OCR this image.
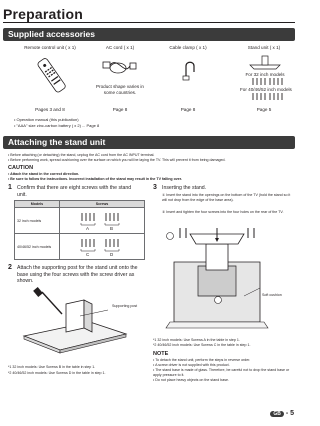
Preparation
Supplied accessories
Remote control unit ( x 1)	AC cord ( x 1)	Cable clamp ( x 1)	Stand unit ( x 1)
Product shape varies in some countries.
For 32 inch models
For 40/46/52 inch models
Pages 3 and 8	Page 8	Page 8	Page 5
• Operation manual (this publication)
• "AAA" size zinc-carbon battery ( x 2) ... Page 8
Attaching the stand unit
• Before attaching (or detaching) the stand, unplug the AC cord from the AC INPUT terminal.
• Before performing work, spread cushioning over the surface on which you will be laying the TV. This will prevent it from being damaged.
CAUTION
• Attach the stand in the correct direction.
• Be sure to follow the instructions. Incorrect installation of the stand may result in the TV falling over.
1 Confirm that there are eight screws with the stand unit.
Models	Screws
32 inch models	A B

40/46/52 inch models	C D
2 Attach the supporting post for the stand unit onto the base using the four screws with the screw driver as shown.
Supporting post
*1 32 inch models: Use Screws B in the table in step 1.
*2 40/46/52 inch models: Use Screws D in the table in step 1.
3 Inserting the stand.
① Insert the stand into the openings on the bottom of the TV (hold the stand so it will not drop from the edge of the base area).
② Insert and tighten the four screws into the four holes on the rear of the TV.
Soft cushion
*1 32 inch models: Use Screws A in the table in step 1.
*2 40/46/52 inch models: Use Screws C in the table in step 1.
NOTE
• To detach the stand unit, perform the steps in reverse order.
• A screw driver is not supplied with this product.
• The stand base is made of glass. Therefore, be careful not to drop the stand base or apply pressure to it.
• Do not place heavy objects on the stand base.
GB - 5
